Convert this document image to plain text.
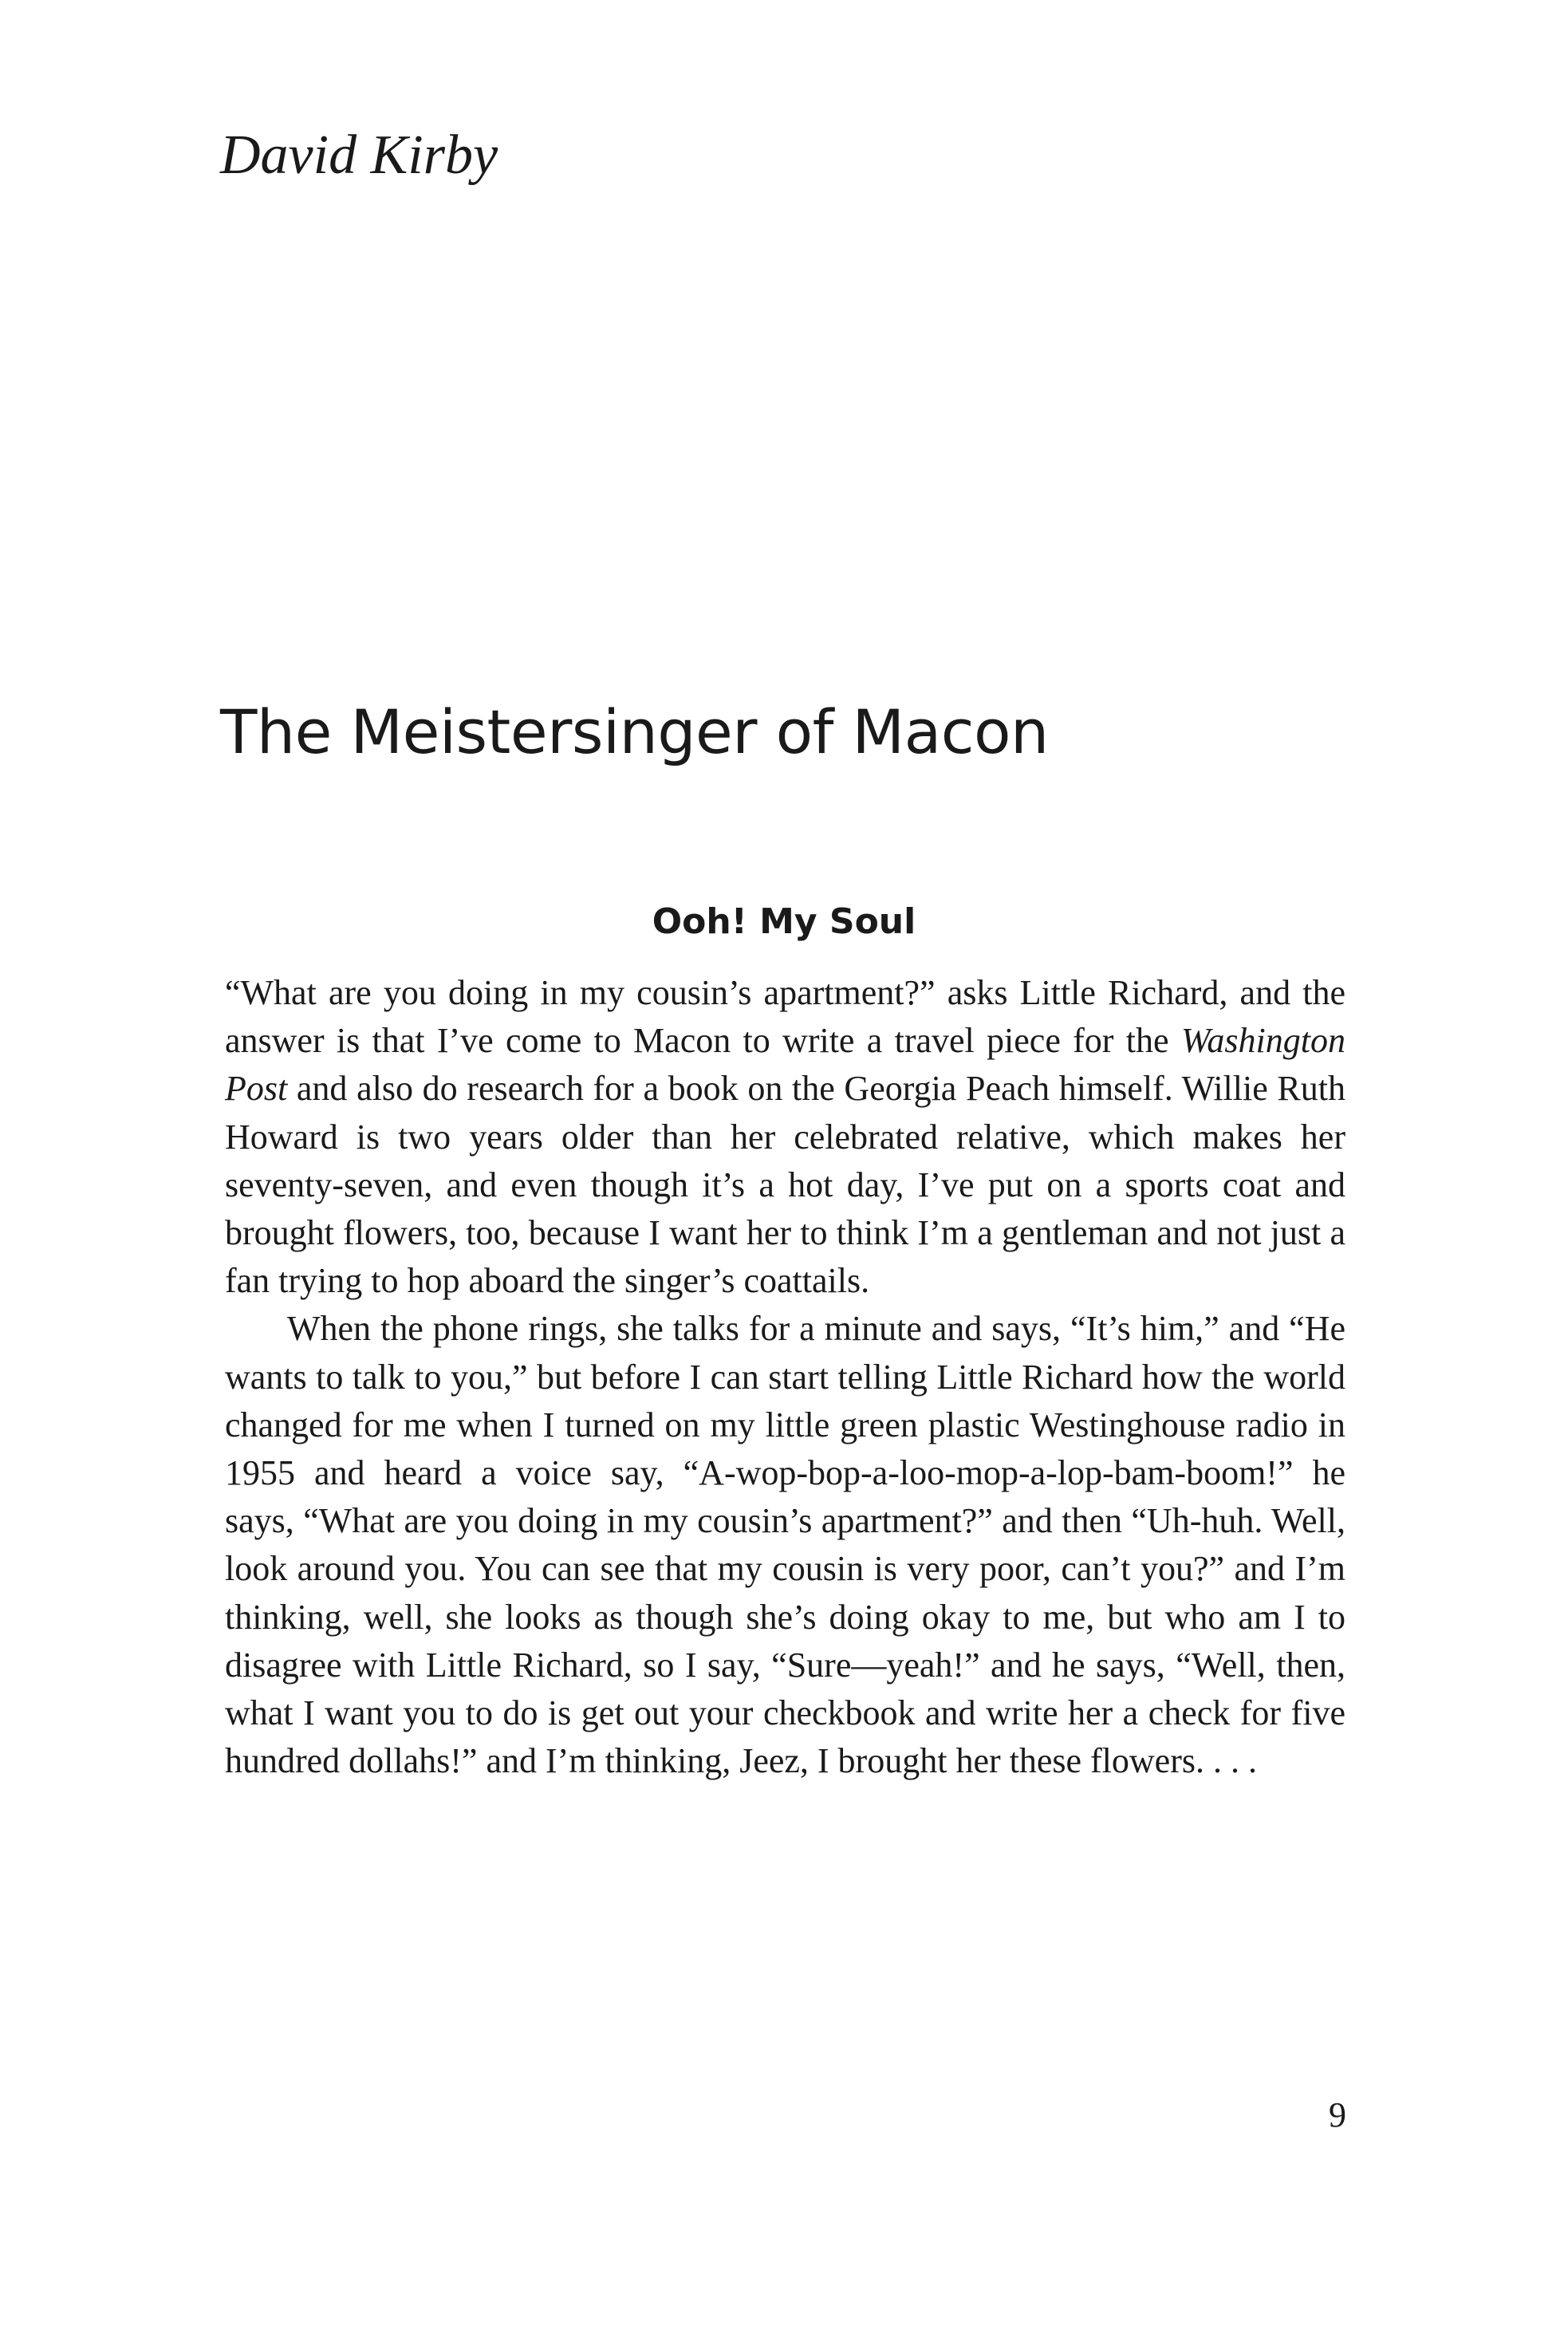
David Kirby
The Meistersinger of Macon
Ooh! My Soul

“What are you doing in my cousin’s apartment?” asks Little Richard, and the answer is that I’ve come to Macon to write a travel piece for the Washington Post and also do research for a book on the Georgia Peach himself. Willie Ruth Howard is two years older than her celebrated relative, which makes her seventy-seven, and even though it’s a hot day, I’ve put on a sports coat and brought flowers, too, because I want her to think I’m a gentleman and not just a fan trying to hop aboard the singer’s coattails.

When the phone rings, she talks for a minute and says, “It’s him,” and “He wants to talk to you,” but before I can start telling Little Richard how the world changed for me when I turned on my little green plastic Westinghouse radio in 1955 and heard a voice say, “A-wop-bop-a-loo-mop-a-lop-bam-boom!” he says, “What are you doing in my cousin’s apartment?” and then “Uh-huh. Well, look around you. You can see that my cousin is very poor, can’t you?” and I’m thinking, well, she looks as though she’s doing okay to me, but who am I to disagree with Little Richard, so I say, “Sure—yeah!” and he says, “Well, then, what I want you to do is get out your checkbook and write her a check for five hundred dollahs!” and I’m thinking, Jeez, I brought her these flowers. . . .

9
